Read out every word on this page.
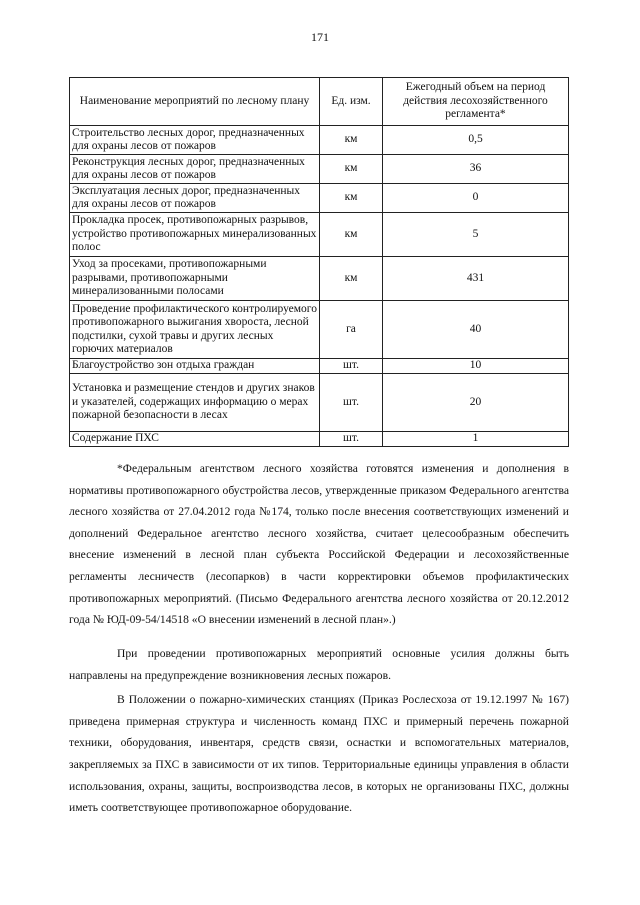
171
Наименование мероприятий по лесному плану	Ед. изм.	Ежегодный объем на период действия лесохозяйственного регламента*
Строительство лесных дорог, предназначенных для охраны лесов от пожаров	км	0,5
Реконструкция лесных дорог, предназначенных для охраны лесов от пожаров	км	36
Эксплуатация лесных дорог, предназначенных для охраны лесов от пожаров	км	0
Прокладка просек, противопожарных разрывов, устройство противопожарных минерализованных полос	км	5
Уход за просеками, противопожарными разрывами, противопожарными минерализованными полосами	км	431
Проведение профилактического контролируемого противопожарного выжигания хвороста, лесной подстилки, сухой травы и других лесных горючих материалов	га	40
Благоустройство зон отдыха граждан	шт.	10
Установка и размещение стендов и других знаков и указателей, содержащих информацию о мерах пожарной безопасности в лесах	шт.	20
Содержание ПХС	шт.	1

*Федеральным агентством лесного хозяйства готовятся изменения и дополнения в нормативы противопожарного обустройства лесов, утвержденные приказом Федерального агентства лесного хозяйства от 27.04.2012 года №174, только после внесения соответствующих изменений и дополнений Федеральное агентство лесного хозяйства, считает целесообразным обеспечить внесение изменений в лесной план субъекта Российской Федерации и лесохозяйственные регламенты лесничеств (лесопарков) в части корректировки объемов профилактических противопожарных мероприятий. (Письмо Федерального агентства лесного хозяйства от 20.12.2012 года № ЮД-09-54/14518 «О внесении изменений в лесной план».)

При проведении противопожарных мероприятий основные усилия должны быть направлены на предупреждение возникновения лесных пожаров.

В Положении о пожарно-химических станциях (Приказ Рослесхоза от 19.12.1997 № 167) приведена примерная структура и численность команд ПХС и примерный перечень пожарной техники, оборудования, инвентаря, средств связи, оснастки и вспомогательных материалов, закрепляемых за ПХС в зависимости от их типов. Территориальные единицы управления в области использования, охраны, защиты, воспроизводства лесов, в которых не организованы ПХС, должны иметь соответствующее противопожарное оборудование.
